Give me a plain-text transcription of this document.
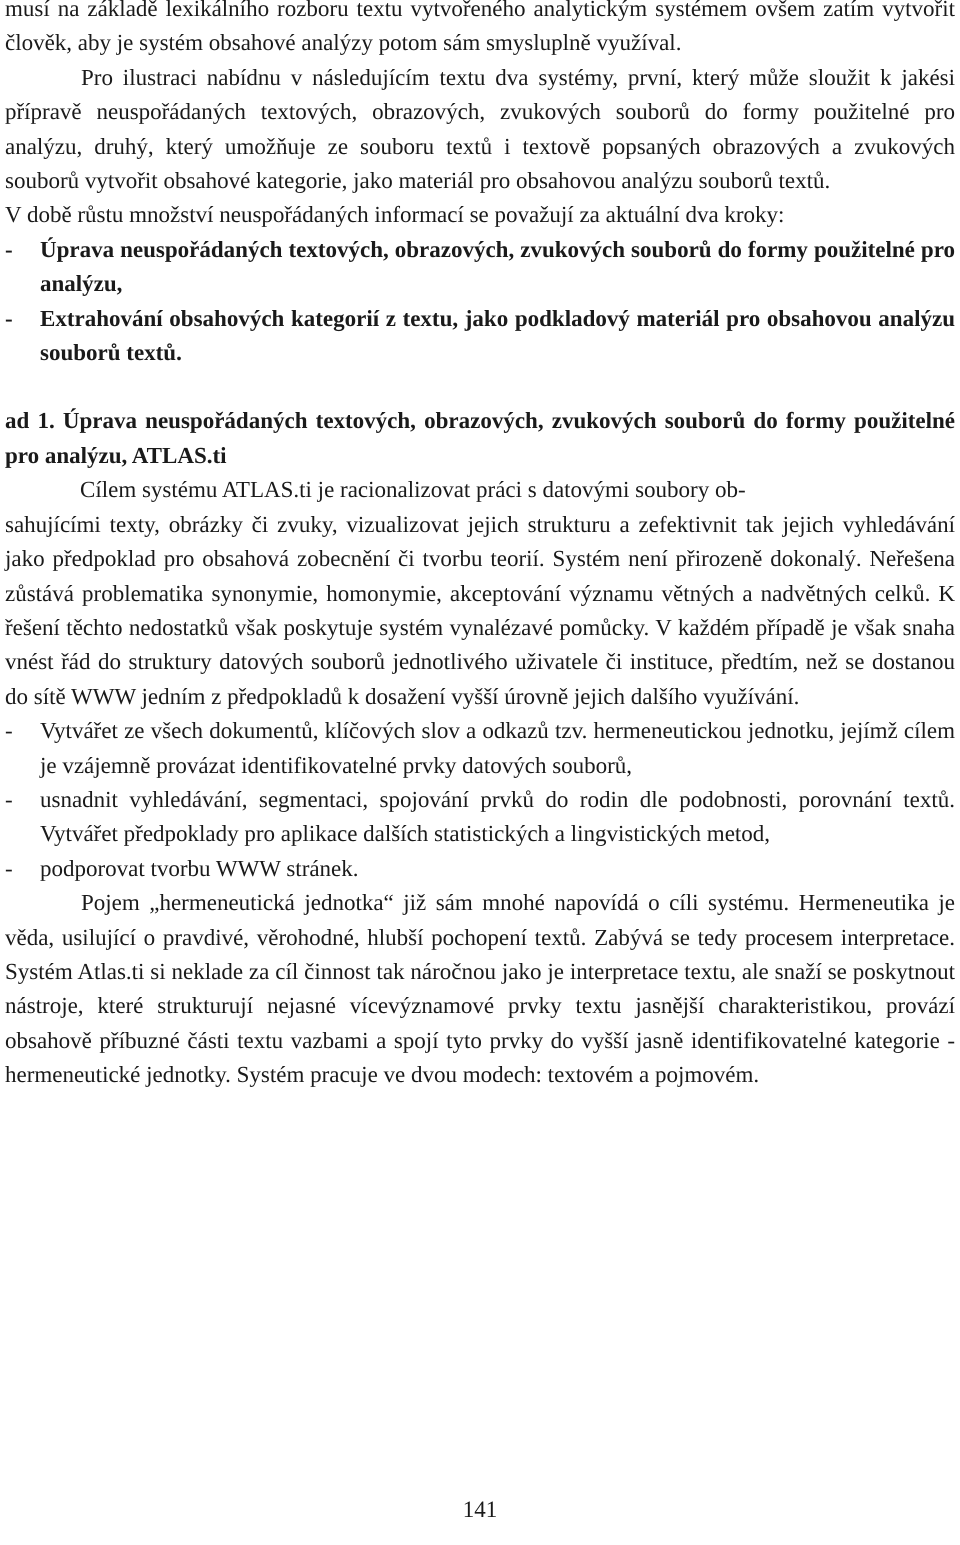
musí na základě lexikálního rozboru textu vytvořeného analytickým systémem ovšem zatím vytvořit člověk, aby je systém obsahové analýzy potom sám smysluplně využíval.

Pro ilustraci nabídnu v následujícím textu dva systémy, první, který může sloužit k jakési přípravě neuspořádaných textových, obrazových, zvukových souborů do formy použitelné pro analýzu, druhý, který umožňuje ze souboru textů i textově popsaných obrazových a zvukových souborů vytvořit obsahové kategorie, jako materiál pro obsahovou analýzu souborů textů.

V době růstu množství neuspořádaných informací se považují za aktuální dva kroky:

- Úprava neuspořádaných textových, obrazových, zvukových souborů do formy použitelné pro analýzu,

- Extrahování obsahových kategorií z textu, jako podkladový materiál pro obsahovou analýzu souborů textů.

ad 1. Úprava neuspořádaných textových, obrazových, zvukových souborů do formy použitelné pro analýzu, ATLAS.ti

Cílem systému ATLAS.ti je racionalizovat práci s datovými soubory ob-

sahujícími texty, obrázky či zvuky, vizualizovat jejich strukturu a zefektivnit tak jejich vyhledávání jako předpoklad pro obsahová zobecnění či tvorbu teorií. Systém není přirozeně dokonalý. Neřešena zůstává problematika synonymie, homonymie, akceptování významu větných a nadvětných celků. K řešení těchto nedostatků však poskytuje systém vynalézavé pomůcky. V každém případě je však snaha vnést řád do struktury datových souborů jednotlivého uživatele či instituce, předtím, než se dostanou do sítě WWW jedním z předpokladů k dosažení vyšší úrovně jejich dalšího využívání.

- Vytvářet ze všech dokumentů, klíčových slov a odkazů tzv. hermeneutickou jednotku, jejímž cílem je vzájemně provázat identifikovatelné prvky datových souborů,

- usnadnit vyhledávání, segmentaci, spojování prvků do rodin dle podobnosti, porovnání textů. Vytvářet předpoklady pro aplikace dalších statistických a lingvistických metod,

- podporovat tvorbu WWW stránek.

Pojem „hermeneutická jednotka“ již sám mnohé napovídá o cíli systému. Hermeneutika je věda, usilující o pravdivé, věrohodné, hlubší pochopení textů. Zabývá se tedy procesem interpretace. Systém Atlas.ti si neklade za cíl činnost tak náročnou jako je interpretace textu, ale snaží se poskytnout nástroje, které strukturují nejasné vícevýznamové prvky textu jasnější charakteristikou, provází obsahově příbuzné části textu vazbami a spojí tyto prvky do vyšší jasně identifikovatelné kategorie - hermeneutické jednotky. Systém pracuje ve dvou modech: textovém a pojmovém.

141
